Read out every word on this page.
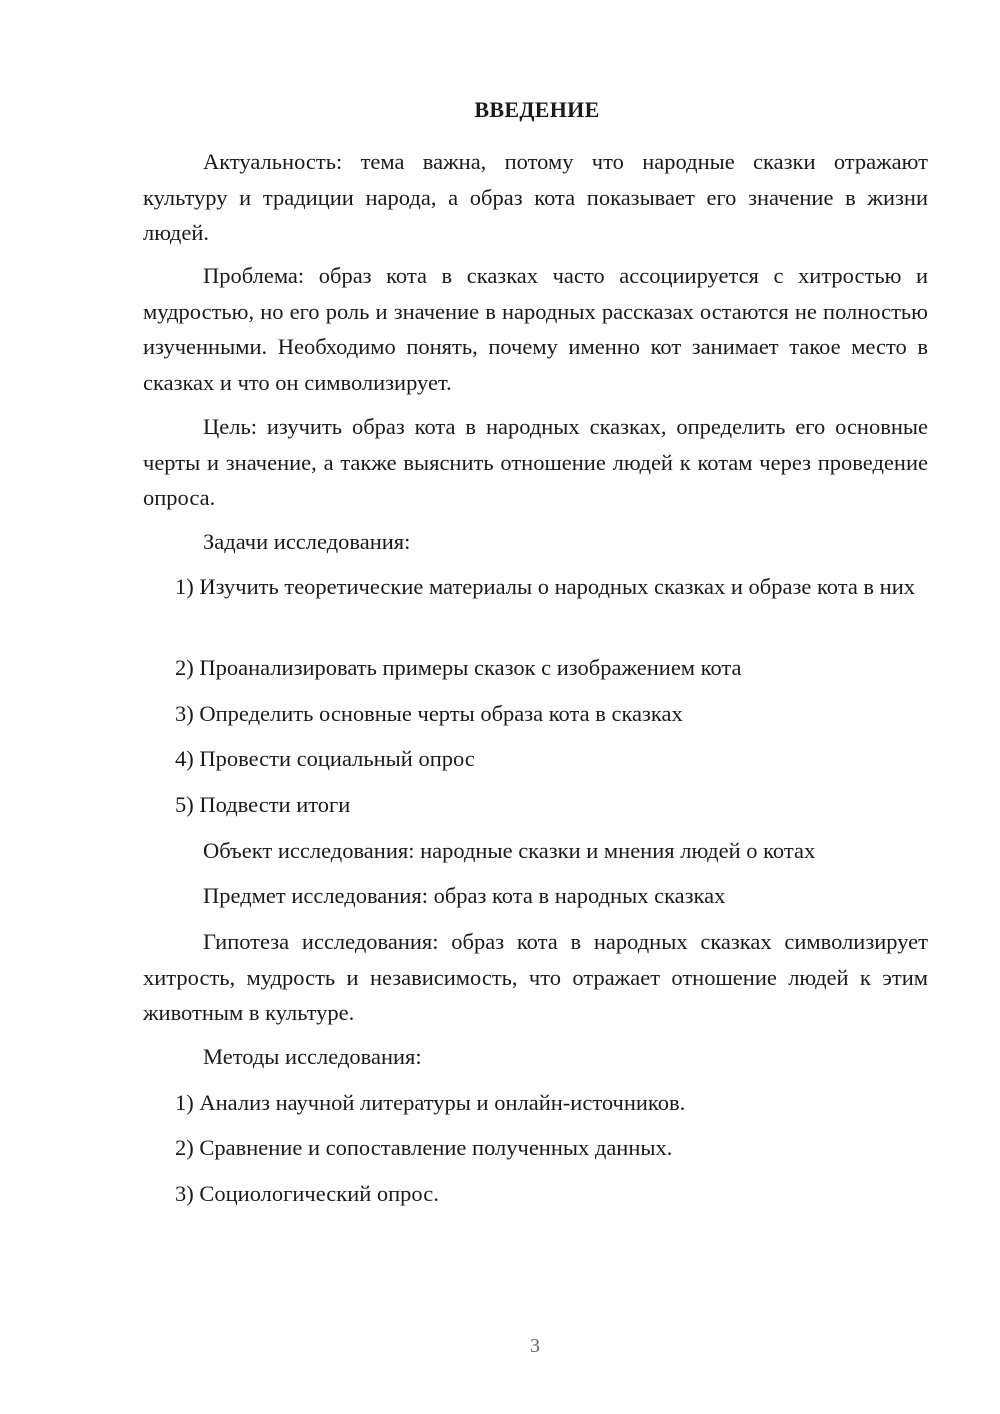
ВВЕДЕНИЕ

Актуальность: тема важна, потому что народные сказки отражают культуру и традиции народа, а образ кота показывает его значение в жизни людей.

Проблема: образ кота в сказках часто ассоциируется с хитростью и мудростью, но его роль и значение в народных рассказах остаются не полностью изученными. Необходимо понять, почему именно кот занимает такое место в сказках и что он символизирует.

Цель: изучить образ кота в народных сказках, определить его основные черты и значение, а также выяснить отношение людей к котам через проведение опроса.

Задачи исследования:

1) Изучить теоретические материалы о народных сказках и образе кота в них

2) Проанализировать примеры сказок с изображением кота

3) Определить основные черты образа кота в сказках

4) Провести социальный опрос

5) Подвести итоги

Объект исследования: народные сказки и мнения людей о котах

Предмет исследования: образ кота в народных сказках

Гипотеза исследования: образ кота в народных сказках символизирует хитрость, мудрость и независимость, что отражает отношение людей к этим животным в культуре.

Методы исследования:

1) Анализ научной литературы и онлайн-источников.

2) Сравнение и сопоставление полученных данных.

3) Социологический опрос.

3
